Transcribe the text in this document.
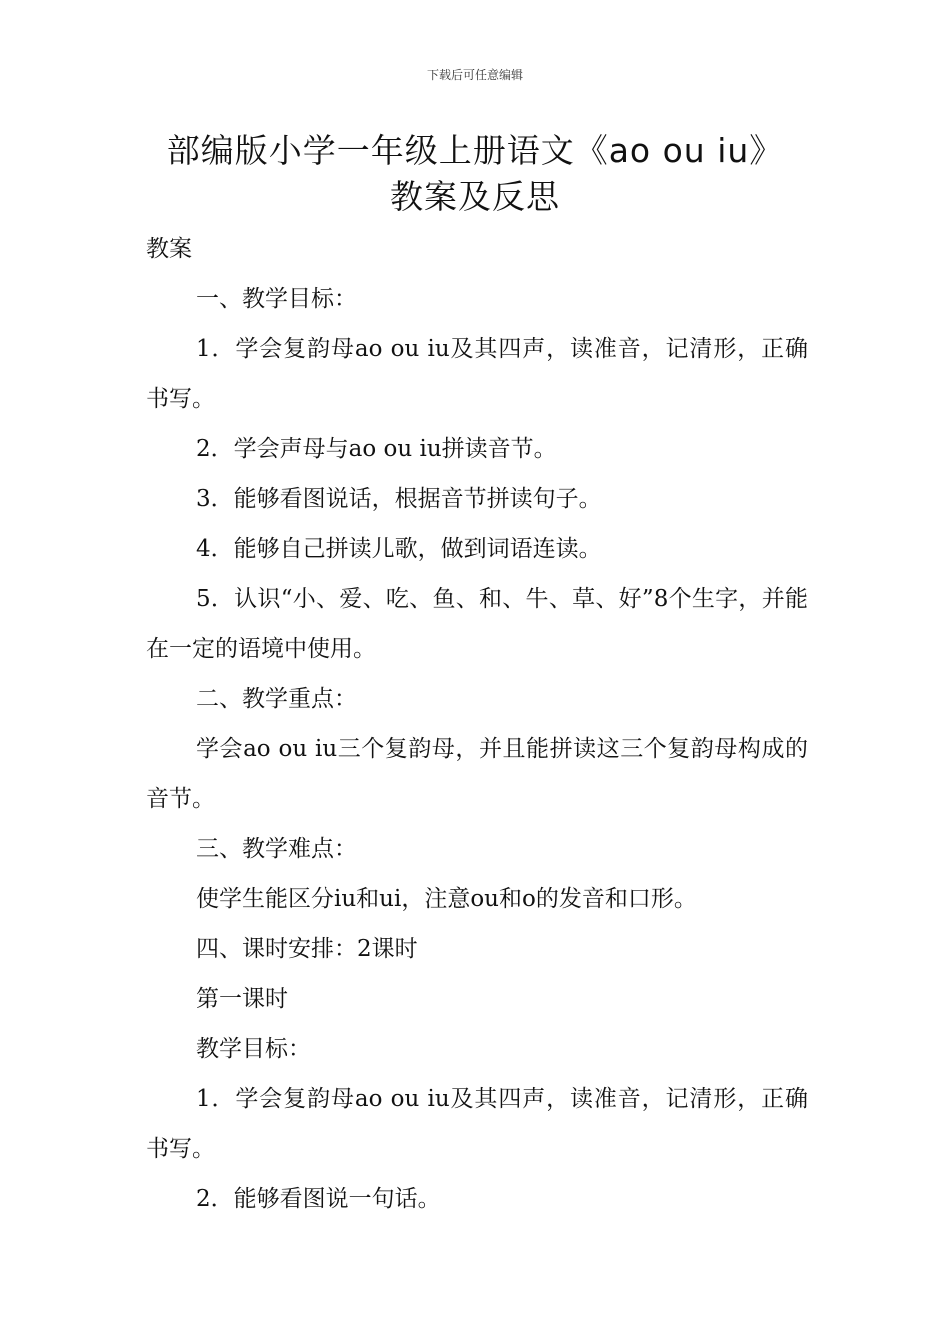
下载后可任意编辑
部编版小学一年级上册语文《ao ou iu》
教案及反思

教案

一、教学目标：

1．学会复韵母ao ou iu及其四声，读准音，记清形，正确书写。

2．学会声母与ao ou iu拼读音节。

3．能够看图说话，根据音节拼读句子。

4．能够自己拼读儿歌，做到词语连读。

5．认识“小、爱、吃、鱼、和、牛、草、好”8个生字，并能在一定的语境中使用。

二、教学重点：

学会ao ou iu三个复韵母，并且能拼读这三个复韵母构成的音节。

三、教学难点：

使学生能区分iu和ui，注意ou和o的发音和口形。

四、课时安排：2课时

第一课时

教学目标：

1．学会复韵母ao ou iu及其四声，读准音，记清形，正确书写。

2．能够看图说一句话。
